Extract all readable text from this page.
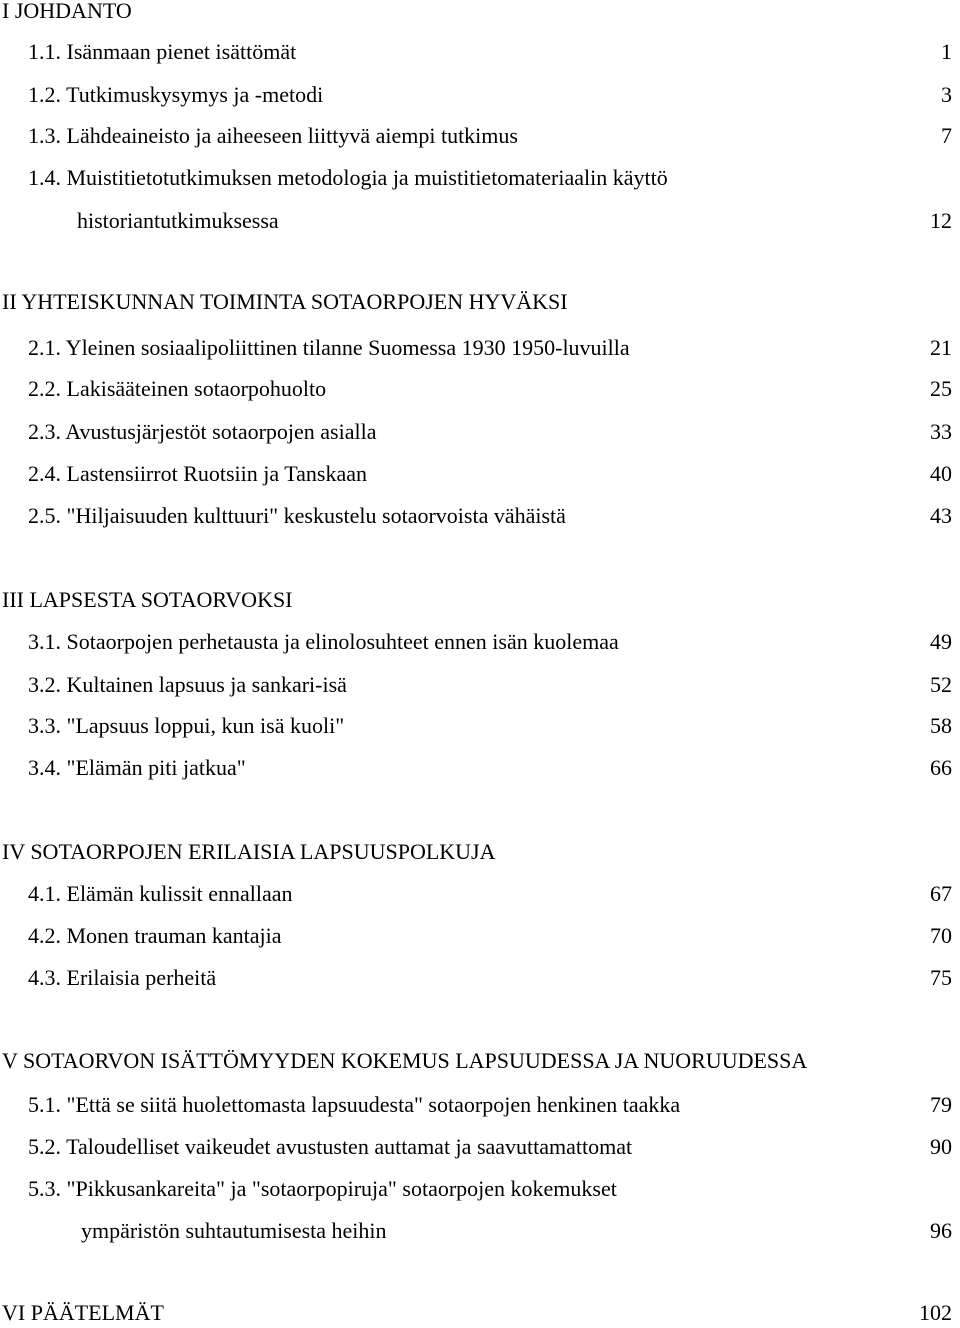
I JOHDANTO
1.1. Isänmaan pienet isättömät	1
1.2. Tutkimuskysymys ja -metodi	3
1.3. Lähdeaineisto ja aiheeseen liittyvä aiempi tutkimus	7
1.4. Muistitietotutkimuksen metodologia ja muistitietomateriaalin käyttö
historiantutkimuksessa	12
II YHTEISKUNNAN TOIMINTA SOTAORPOJEN HYVÄKSI
2.1. Yleinen sosiaalipoliittinen tilanne Suomessa 1930 1950-luvuilla	21
2.2. Lakisääteinen sotaorpohuolto	25
2.3. Avustusjärjestöt sotaorpojen asialla	33
2.4. Lastensiirrot Ruotsiin ja Tanskaan	40
2.5. "Hiljaisuuden kulttuuri" keskustelu sotaorvoista vähäistä	43
III LAPSESTA SOTAORVOKSI
3.1. Sotaorpojen perhetausta ja elinolosuhteet ennen isän kuolemaa	49
3.2. Kultainen lapsuus ja sankari-isä	52
3.3. "Lapsuus loppui, kun isä kuoli"	58
3.4. "Elämän piti jatkua"	66
IV SOTAORPOJEN ERILAISIA LAPSUUSPOLKUJA
4.1. Elämän kulissit ennallaan	67
4.2. Monen trauman kantajia	70
4.3. Erilaisia perheitä	75
V SOTAORVON ISÄTTÖMYYDEN KOKEMUS LAPSUUDESSA JA NUORUUDESSA
5.1. "Että se siitä huolettomasta lapsuudesta" sotaorpojen henkinen taakka	79
5.2. Taloudelliset vaikeudet avustusten auttamat ja saavuttamattomat	90
5.3. "Pikkusankareita" ja "sotaorpopiruja" sotaorpojen kokemukset
ympäristön suhtautumisesta heihin	96
VI PÄÄTELMÄT	102
